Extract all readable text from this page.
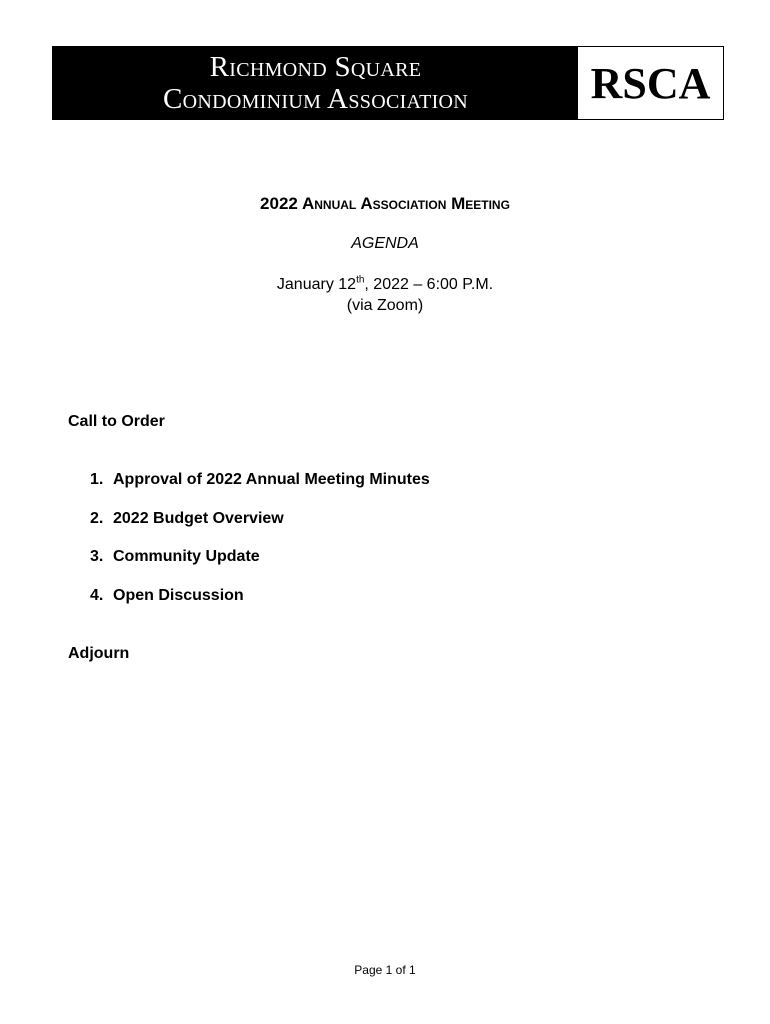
Richmond Square
Condominium Association	RSCA
2022 Annual Association Meeting
AGENDA
January 12th, 2022 – 6:00 P.M.
(via Zoom)
Call to Order
1. Approval of 2022 Annual Meeting Minutes
2. 2022 Budget Overview
3. Community Update
4. Open Discussion
Adjourn
Page 1 of 1
